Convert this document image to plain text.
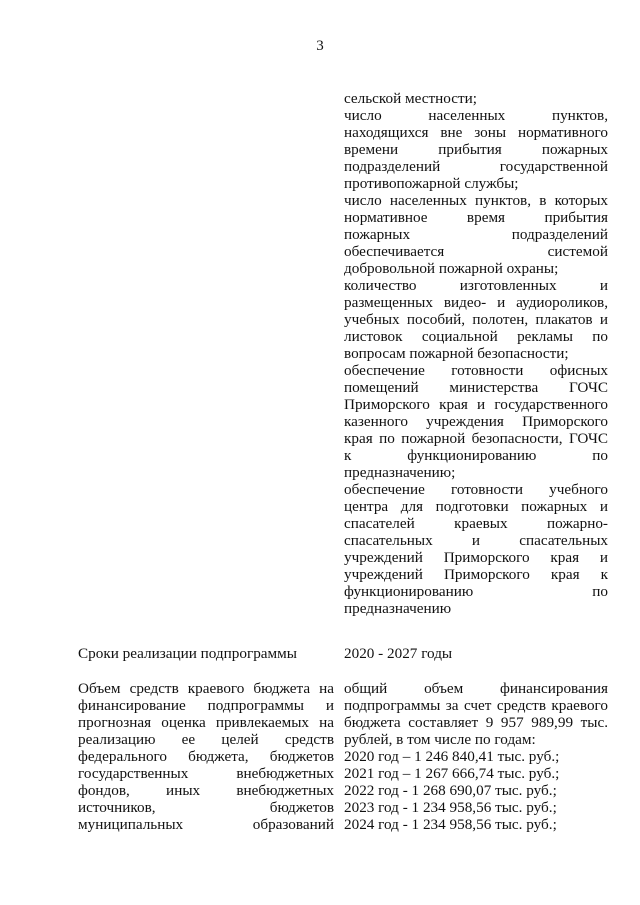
3
сельской местности;
число населенных пунктов,
находящихся вне зоны нормативного
времени прибытия пожарных
подразделений государственной
противопожарной службы;
число населенных пунктов, в которых
нормативное время прибытия
пожарных подразделений
обеспечивается системой
добровольной пожарной охраны;
количество изготовленных и
размещенных видео- и аудиороликов,
учебных пособий, полотен, плакатов и
листовок социальной рекламы по
вопросам пожарной безопасности;
обеспечение готовности офисных
помещений министерства ГОЧС
Приморского края и государственного
казенного учреждения Приморского
края по пожарной безопасности, ГОЧС
к функционированию по
предназначению;
обеспечение готовности учебного
центра для подготовки пожарных и
спасателей краевых пожарно-
спасательных и спасательных
учреждений Приморского края и
учреждений Приморского края к
функционированию по
предназначению
Сроки реализации подпрограммы	2020 - 2027 годы
Объем средств краевого бюджета на
финансирование подпрограммы и
прогнозная оценка привлекаемых на
реализацию ее целей средств
федерального бюджета, бюджетов
государственных внебюджетных
фондов, иных внебюджетных
источников, бюджетов
муниципальных образований
общий объем финансирования
подпрограммы за счет средств краевого
бюджета составляет 9 957 989,99 тыс.
рублей, в том числе по годам:
2020 год – 1 246 840,41 тыс. руб.;
2021 год – 1 267 666,74 тыс. руб.;
2022 год - 1 268 690,07 тыс. руб.;
2023 год - 1 234 958,56 тыс. руб.;
2024 год - 1 234 958,56 тыс. руб.;
